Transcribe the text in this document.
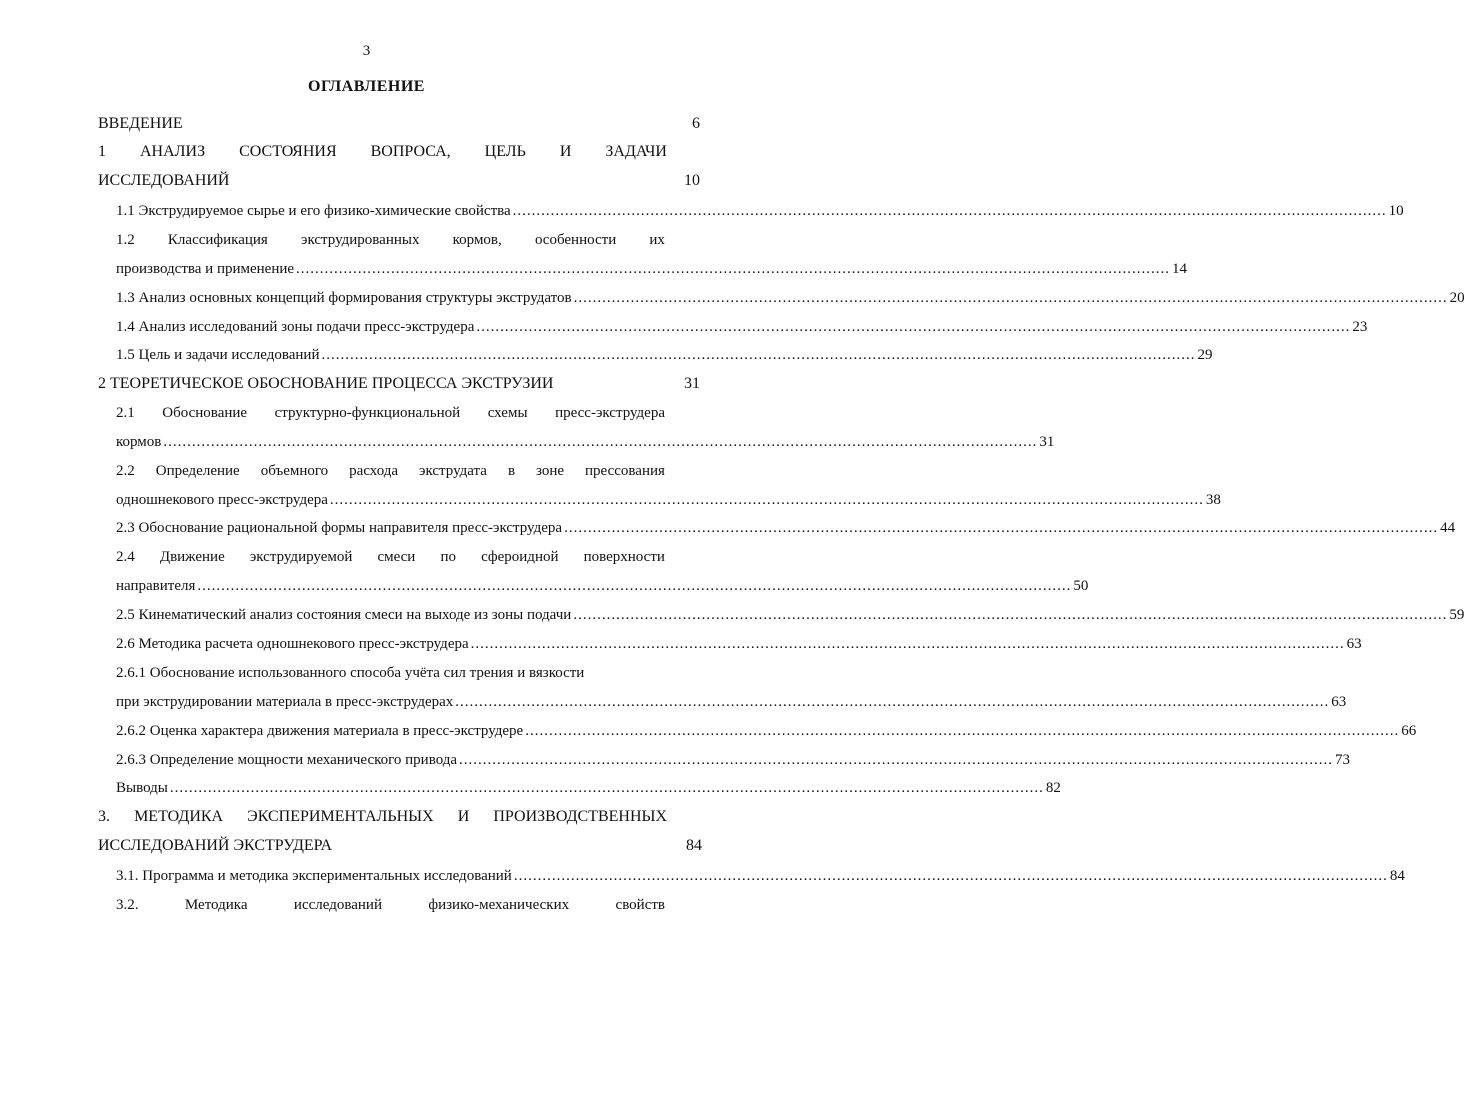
3
ОГЛАВЛЕНИЕ
ВВЕДЕНИЕ	6
1 АНАЛИЗ СОСТОЯНИЯ ВОПРОСА, ЦЕЛЬ И ЗАДАЧИ
ИССЛЕДОВАНИЙ	10
1.1 Экструдируемое сырье и его физико-химические свойства ........................................................................................................................................................................................ 10
1.2 Классификация экструдированных кормов, особенности их
производства и применение ........................................................................................................................................................................................ 14
1.3 Анализ основных концепций формирования структуры экструдатов ........................................................................................................................................................................................ 20
1.4 Анализ исследований зоны подачи пресс-экструдера ........................................................................................................................................................................................ 23
1.5 Цель и задачи исследований ........................................................................................................................................................................................ 29
2 ТЕОРЕТИЧЕСКОЕ ОБОСНОВАНИЕ ПРОЦЕССА ЭКСТРУЗИИ	31
2.1 Обоснование структурно-функциональной схемы пресс-экструдера
кормов ........................................................................................................................................................................................ 31
2.2 Определение объемного расхода экструдата в зоне прессования
одношнекового пресс-экструдера ........................................................................................................................................................................................ 38
2.3 Обоснование рациональной формы направителя пресс-экструдера ........................................................................................................................................................................................ 44
2.4 Движение экструдируемой смеси по сфероидной поверхности
направителя ........................................................................................................................................................................................ 50
2.5 Кинематический анализ состояния смеси на выходе из зоны подачи ........................................................................................................................................................................................ 59
2.6 Методика расчета одношнекового пресс-экструдера ........................................................................................................................................................................................ 63
2.6.1 Обоснование использованного способа учёта сил трения и вязкости
при экструдировании материала в пресс-экструдерах ........................................................................................................................................................................................ 63
2.6.2 Оценка характера движения материала в пресс-экструдере ........................................................................................................................................................................................ 66
2.6.3 Определение мощности механического привода ........................................................................................................................................................................................ 73
Выводы ........................................................................................................................................................................................ 82
3. МЕТОДИКА ЭКСПЕРИМЕНТАЛЬНЫХ И ПРОИЗВОДСТВЕННЫХ
ИССЛЕДОВАНИЙ ЭКСТРУДЕРА	84
3.1. Программа и методика экспериментальных исследований ........................................................................................................................................................................................ 84
3.2.	Методика	исследований	физико-механических	свойств
